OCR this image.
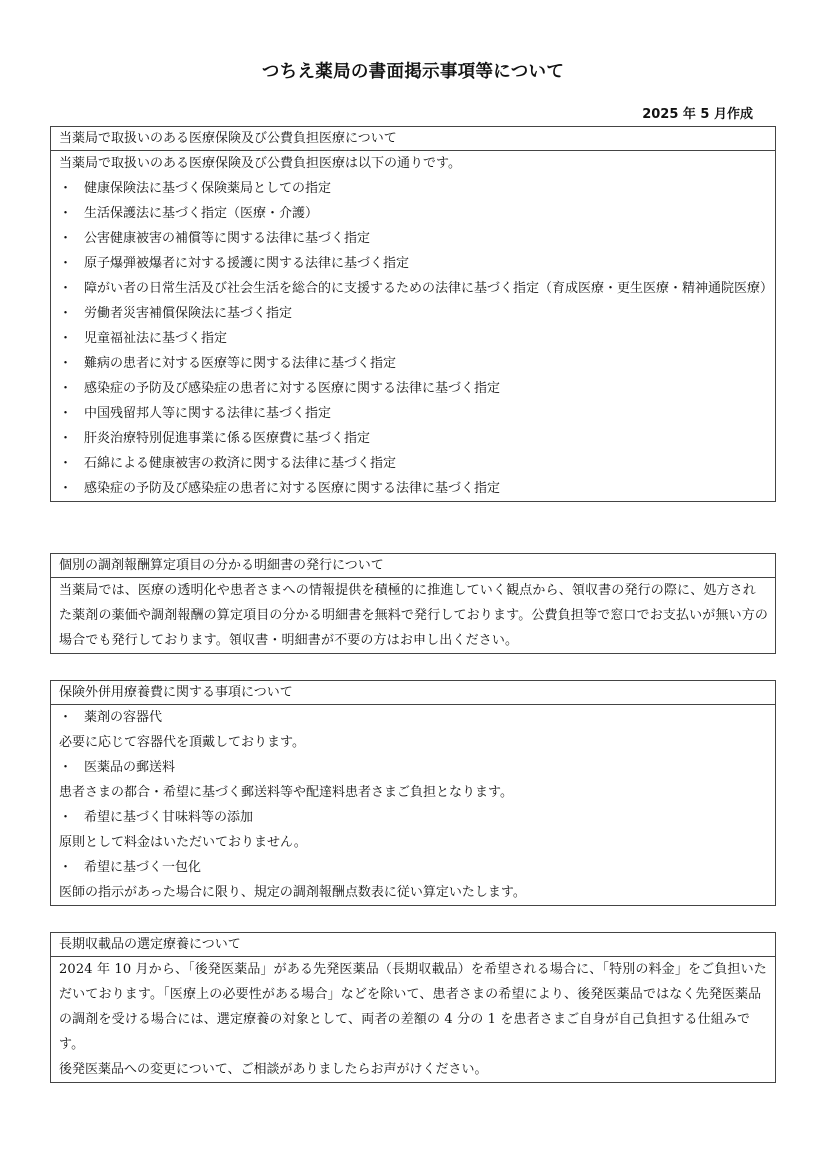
つちえ薬局の書面掲示事項等について
2025 年 5 月作成
当薬局で取扱いのある医療保険及び公費負担医療について
当薬局で取扱いのある医療保険及び公費負担医療は以下の通りです。
・ 健康保険法に基づく保険薬局としての指定
・ 生活保護法に基づく指定（医療・介護）
・ 公害健康被害の補償等に関する法律に基づく指定
・ 原子爆弾被爆者に対する援護に関する法律に基づく指定
・ 障がい者の日常生活及び社会生活を総合的に支援するための法律に基づく指定（育成医療・更生医療・精神通院医療）
・ 労働者災害補償保険法に基づく指定
・ 児童福祉法に基づく指定
・ 難病の患者に対する医療等に関する法律に基づく指定
・ 感染症の予防及び感染症の患者に対する医療に関する法律に基づく指定
・ 中国残留邦人等に関する法律に基づく指定
・ 肝炎治療特別促進事業に係る医療費に基づく指定
・ 石綿による健康被害の救済に関する法律に基づく指定
・ 感染症の予防及び感染症の患者に対する医療に関する法律に基づく指定
個別の調剤報酬算定項目の分かる明細書の発行について
当薬局では、医療の透明化や患者さまへの情報提供を積極的に推進していく観点から、領収書の発行の際に、処方された薬剤の薬価や調剤報酬の算定項目の分かる明細書を無料で発行しております。公費負担等で窓口でお支払いが無い方の場合でも発行しております。領収書・明細書が不要の方はお申し出ください。
保険外併用療養費に関する事項について
・ 薬剤の容器代
必要に応じて容器代を頂戴しております。
・ 医薬品の郵送料
患者さまの都合・希望に基づく郵送料等や配達料患者さまご負担となります。
・ 希望に基づく甘味料等の添加
原則として料金はいただいておりません。
・ 希望に基づく一包化
医師の指示があった場合に限り、規定の調剤報酬点数表に従い算定いたします。
長期収載品の選定療養について
2024 年 10 月から、「後発医薬品」がある先発医薬品（長期収載品）を希望される場合に、「特別の料金」をご負担いただいております。「医療上の必要性がある場合」などを除いて、患者さまの希望により、後発医薬品ではなく先発医薬品の調剤を受ける場合には、選定療養の対象として、両者の差額の 4 分の 1 を患者さまご自身が自己負担する仕組みです。
後発医薬品への変更について、ご相談がありましたらお声がけください。
